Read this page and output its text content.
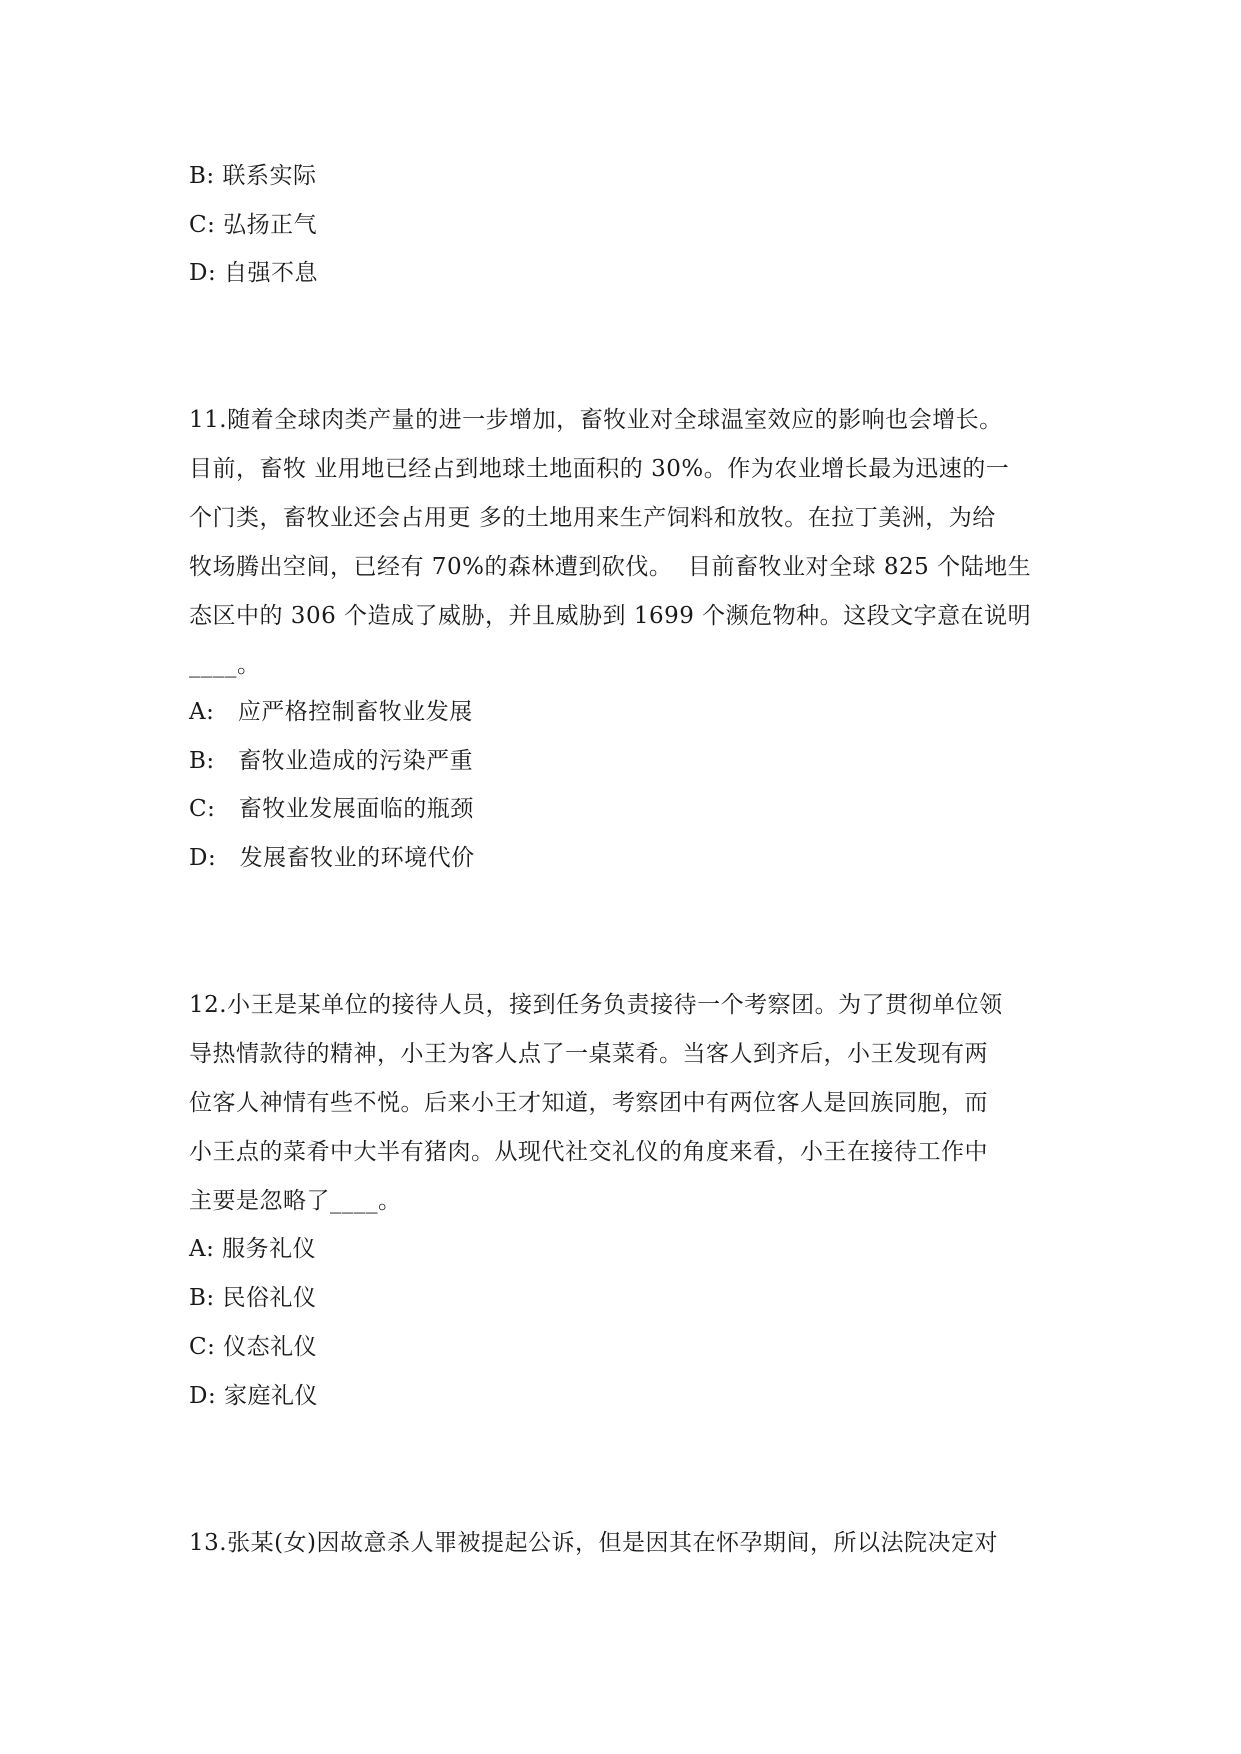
B: 联系实际
C: 弘扬正气
D: 自强不息
11.随着全球肉类产量的进一步增加，畜牧业对全球温室效应的影响也会增长。
目前，畜牧 业用地已经占到地球土地面积的 30%。作为农业增长最为迅速的一
个门类，畜牧业还会占用更 多的土地用来生产饲料和放牧。在拉丁美洲，为给
牧场腾出空间，已经有 70%的森林遭到砍伐。  目前畜牧业对全球 825 个陆地生
态区中的 306 个造成了威胁，并且威胁到 1699 个濒危物种。这段文字意在说明
____。
A: 应严格控制畜牧业发展
B: 畜牧业造成的污染严重
C: 畜牧业发展面临的瓶颈
D: 发展畜牧业的环境代价
12.小王是某单位的接待人员，接到任务负责接待一个考察团。为了贯彻单位领
导热情款待的精神，小王为客人点了一桌菜肴。当客人到齐后，小王发现有两
位客人神情有些不悦。后来小王才知道，考察团中有两位客人是回族同胞，而
小王点的菜肴中大半有猪肉。从现代社交礼仪的角度来看，小王在接待工作中
主要是忽略了____。
A: 服务礼仪
B: 民俗礼仪
C: 仪态礼仪
D: 家庭礼仪
13.张某(女)因故意杀人罪被提起公诉，但是因其在怀孕期间，所以法院决定对
